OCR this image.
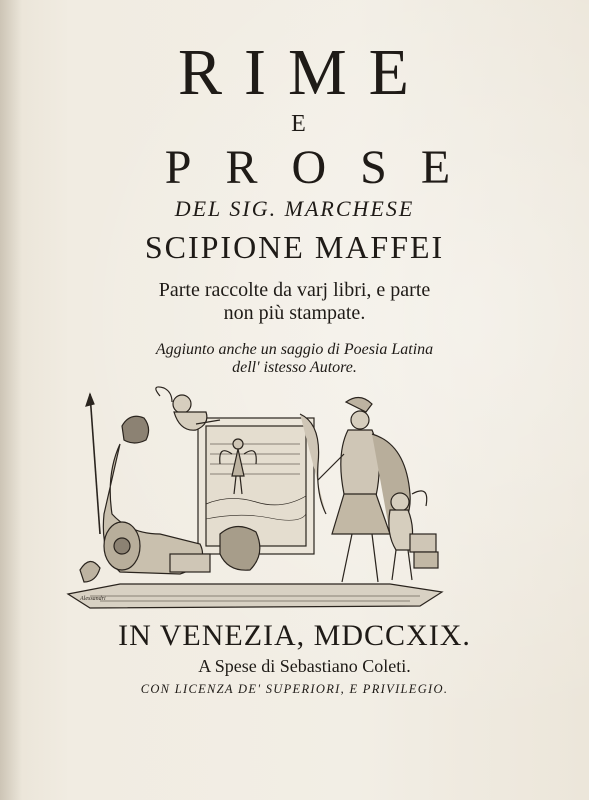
RIME

E

PROSE

DEL SIG. MARCHESE

SCIPIONE MAFFEI

Parte raccolte da varj libri, e parte

non più stampate.

Aggiunto anche un saggio di Poesia Latina

dell' istesso Autore.

Alessandri

IN VENEZIA, MDCCXIX.

A Spese di Sebastiano Coleti.

CON LICENZA DE' SUPERIORI, E PRIVILEGIO.
